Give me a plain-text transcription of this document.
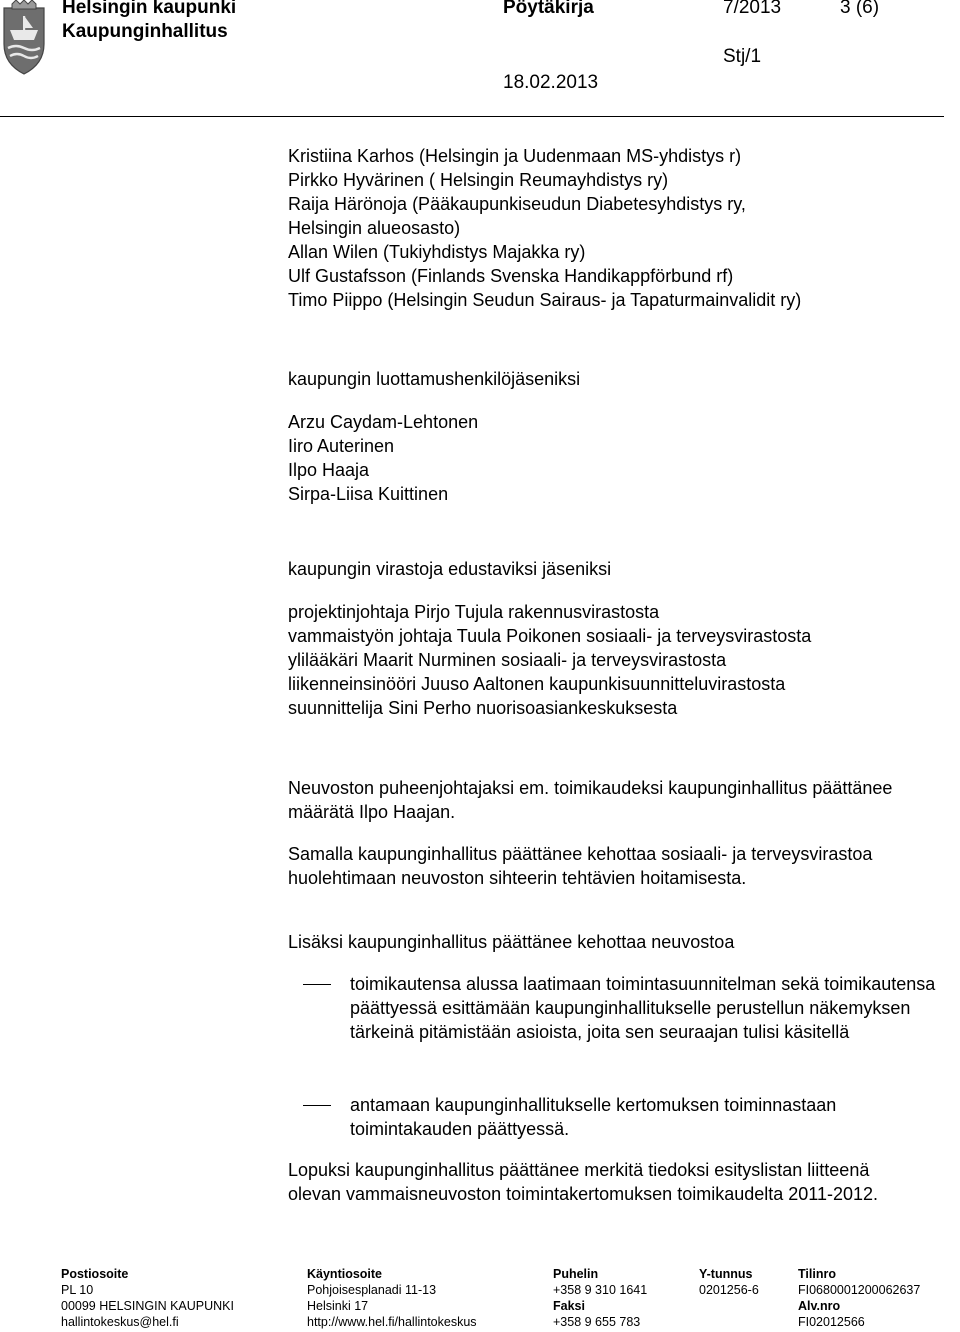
Helsingin kaupunki
Kaupunginhallitus
Pöytäkirja	7/2013	3 (6)
Stj/1
18.02.2013
Kristiina Karhos (Helsingin ja Uudenmaan MS-yhdistys r)
Pirkko Hyvärinen ( Helsingin Reumayhdistys ry)
Raija Härönoja (Pääkaupunkiseudun Diabetesyhdistys ry,
Helsingin alueosasto)
Allan Wilen (Tukiyhdistys Majakka ry)
Ulf Gustafsson (Finlands Svenska Handikappförbund rf)
Timo Piippo (Helsingin Seudun Sairaus- ja Tapaturmainvalidit ry)
kaupungin luottamushenkilöjäseniksi
Arzu Caydam-Lehtonen
Iiro Auterinen
Ilpo Haaja
Sirpa-Liisa Kuittinen
kaupungin virastoja edustaviksi jäseniksi
projektinjohtaja Pirjo Tujula rakennusvirastosta
vammaistyön johtaja Tuula Poikonen sosiaali- ja terveysvirastosta
ylilääkäri Maarit Nurminen sosiaali- ja terveysvirastosta
liikenneinsinööri Juuso Aaltonen kaupunkisuunnitteluvirastosta
suunnittelija Sini Perho nuorisoasiankeskuksesta
Neuvoston puheenjohtajaksi em. toimikaudeksi kaupunginhallitus päättänee määrätä Ilpo Haajan.
Samalla kaupunginhallitus päättänee kehottaa sosiaali- ja terveysvirastoa huolehtimaan neuvoston sihteerin tehtävien hoitamisesta.
Lisäksi kaupunginhallitus päättänee kehottaa neuvostoa
toimikautensa alussa laatimaan toimintasuunnitelman sekä toimikautensa päättyessä esittämään kaupunginhallitukselle perustellun näkemyksen tärkeinä pitämistään asioista, joita sen seuraajan tulisi käsitellä
antamaan kaupunginhallitukselle kertomuksen toiminnastaan toimintakauden päättyessä.
Lopuksi kaupunginhallitus päättänee merkitä tiedoksi esityslistan liitteenä olevan vammaisneuvoston toimintakertomuksen toimikaudelta 2011-2012.
Postiosoite
PL 10
00099 HELSINGIN KAUPUNKI
hallintokeskus@hel.fi
Käyntiosoite
Pohjoisesplanadi 11-13
Helsinki 17
http://www.hel.fi/hallintokeskus
Puhelin
+358 9 310 1641
Faksi
+358 9 655 783
Y-tunnus
0201256-6
Tilinro
FI0680001200062637
Alv.nro
FI02012566
